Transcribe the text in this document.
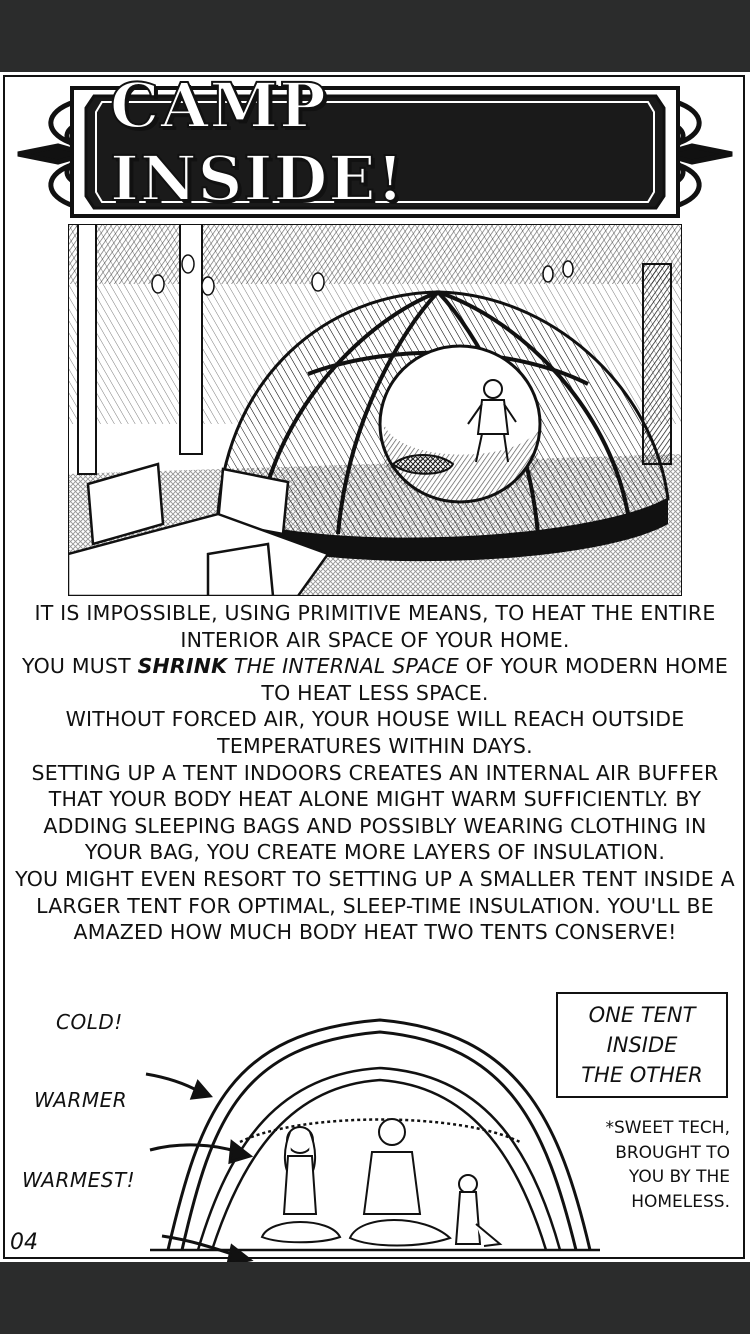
CAMP INSIDE!

IT IS IMPOSSIBLE, USING PRIMITIVE MEANS, TO HEAT THE ENTIRE INTERIOR AIR SPACE OF YOUR HOME.

YOU MUST SHRINK THE INTERNAL SPACE OF YOUR MODERN HOME TO HEAT LESS SPACE.

WITHOUT FORCED AIR, YOUR HOUSE WILL REACH OUTSIDE TEMPERATURES WITHIN DAYS.

SETTING UP A TENT INDOORS CREATES AN INTERNAL AIR BUFFER THAT YOUR BODY HEAT ALONE MIGHT WARM SUFFICIENTLY. BY ADDING SLEEPING BAGS AND POSSIBLY WEARING CLOTHING IN YOUR BAG, YOU CREATE MORE LAYERS OF INSULATION.

YOU MIGHT EVEN RESORT TO SETTING UP A SMALLER TENT INSIDE A LARGER TENT FOR OPTIMAL, SLEEP-TIME INSULATION. YOU'LL BE AMAZED HOW MUCH BODY HEAT TWO TENTS CONSERVE!

COLD!
WARMER
WARMEST!
ONE TENT
INSIDE
THE OTHER
*SWEET TECH,
BROUGHT TO
YOU BY THE
HOMELESS.
04
